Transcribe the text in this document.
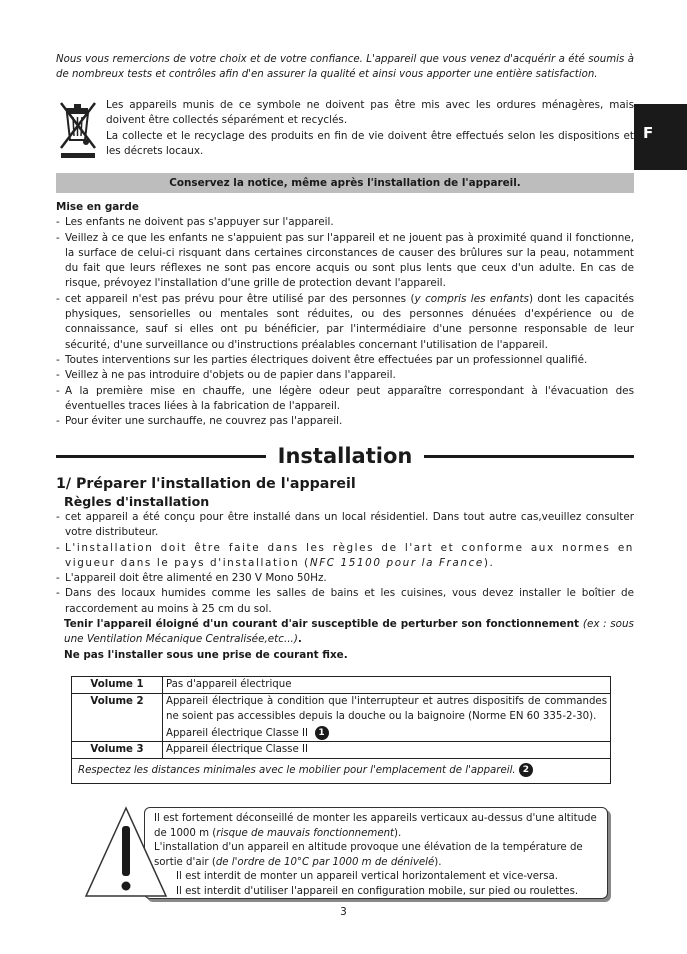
Nous vous remercions de votre choix et de votre confiance. L'appareil que vous venez d'acquérir a été soumis à de nombreux tests et contrôles afin d'en assurer la qualité et ainsi vous apporter une entière satisfaction.

Les appareils munis de ce symbole ne doivent pas être mis avec les ordures ménagères, mais doivent être collectés séparément et recyclés.

La collecte et le recyclage des produits en fin de vie doivent être effectués selon les dispositions et les décrets locaux.

F
Conservez la notice, même après l'installation de l'appareil.

Mise en garde

- Les enfants ne doivent pas s'appuyer sur l'appareil.
- Veillez à ce que les enfants ne s'appuient pas sur l'appareil et ne jouent pas à proximité quand il fonctionne, la surface de celui-ci risquant dans certaines circonstances de causer des brûlures sur la peau, notamment du fait que leurs réflexes ne sont pas encore acquis ou sont plus lents que ceux d'un adulte. En cas de risque, prévoyez l'installation d'une grille de protection devant l'appareil.
- cet appareil n'est pas prévu pour être utilisé par des personnes (y compris les enfants) dont les capacités physiques, sensorielles ou mentales sont réduites, ou des personnes dénuées d'expérience ou de connaissance, sauf si elles ont pu bénéficier, par l'intermédiaire d'une personne responsable de leur sécurité, d'une surveillance ou d'instructions préalables concernant l'utilisation de l'appareil.
- Toutes interventions sur les parties électriques doivent être effectuées par un professionnel qualifié.
- Veillez à ne pas introduire d'objets ou de papier dans l'appareil.
- A la première mise en chauffe, une légère odeur peut apparaître correspondant à l'évacuation des éventuelles traces liées à la fabrication de l'appareil.
- Pour éviter une surchauffe, ne couvrez pas l'appareil.
Installation

1/ Préparer l'installation de l'appareil

Règles d'installation

- cet appareil a été conçu pour être installé dans un local résidentiel. Dans tout autre cas,veuillez consulter votre distributeur.
- L'installation doit être faite dans les règles de l'art et conforme aux normes en vigueur dans le pays d'installation (NFC 15100 pour la France).
- L'appareil doit être alimenté en 230 V Mono 50Hz.
- Dans des locaux humides comme les salles de bains et les cuisines, vous devez installer le boîtier de raccordement au moins à 25 cm du sol.

Tenir l'appareil éloigné d'un courant d'air susceptible de perturber son fonctionnement (ex : sous une Ventilation Mécanique Centralisée,etc...).

Ne pas l'installer sous une prise de courant fixe.

Volume 1	Pas d'appareil électrique
Volume 2	Appareil électrique à condition que l'interrupteur et autres dispositifs de commandes ne soient pas accessibles depuis la douche ou la baignoire (Norme EN 60 335-2-30).
Appareil électrique Classe II 1

Volume 3	Appareil électrique Classe II
Respectez les distances minimales avec le mobilier pour l'emplacement de l'appareil. 2	

Il est fortement déconseillé de monter les appareils verticaux au-dessus d'une altitude de 1000 m (risque de mauvais fonctionnement).

L'installation d'un appareil en altitude provoque une élévation de la température de sortie d'air (de l'ordre de 10°C par 1000 m de dénivelé).

Il est interdit de monter un appareil vertical horizontalement et vice-versa.

Il est interdit d'utiliser l'appareil en configuration mobile, sur pied ou roulettes.

3
